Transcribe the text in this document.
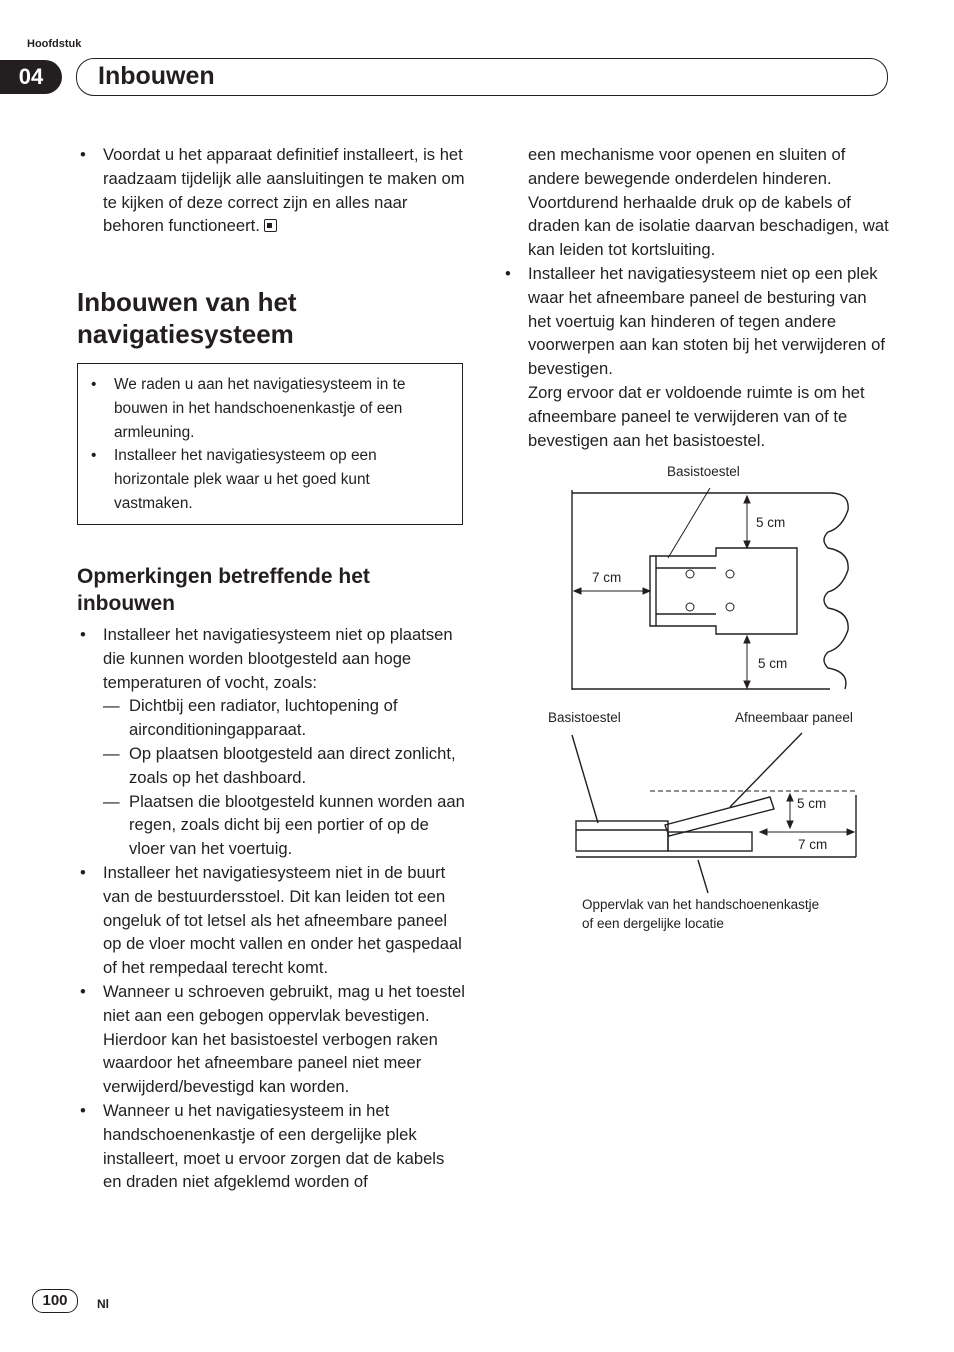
Hoofdstuk
04	Inbouwen
• Voordat u het apparaat definitief installeert, is het raadzaam tijdelijk alle aansluitingen te maken om te kijken of deze correct zijn en alles naar behoren functioneert.
Inbouwen van het navigatiesysteem
• We raden u aan het navigatiesysteem in te bouwen in het handschoenenkastje of een armleuning.
• Installeer het navigatiesysteem op een horizontale plek waar u het goed kunt vastmaken.
Opmerkingen betreffende het inbouwen
• Installeer het navigatiesysteem niet op plaatsen die kunnen worden blootgesteld aan hoge temperaturen of vocht, zoals:
— Dichtbij een radiator, luchtopening of airconditioningapparaat.
— Op plaatsen blootgesteld aan direct zonlicht, zoals op het dashboard.
— Plaatsen die blootgesteld kunnen worden aan regen, zoals dicht bij een portier of op de vloer van het voertuig.
• Installeer het navigatiesysteem niet in de buurt van de bestuurdersstoel. Dit kan leiden tot een ongeluk of tot letsel als het afneembare paneel op de vloer mocht vallen en onder het gaspedaal of het rempedaal terecht komt.
• Wanneer u schroeven gebruikt, mag u het toestel niet aan een gebogen oppervlak bevestigen. Hierdoor kan het basistoestel verbogen raken waardoor het afneembare paneel niet meer verwijderd/bevestigd kan worden.
• Wanneer u het navigatiesysteem in het handschoenenkastje of een dergelijke plek installeert, moet u ervoor zorgen dat de kabels en draden niet afgeklemd worden of
een mechanisme voor openen en sluiten of andere bewegende onderdelen hinderen. Voortdurend herhaalde druk op de kabels of draden kan de isolatie daarvan beschadigen, wat kan leiden tot kortsluiting.
• Installeer het navigatiesysteem niet op een plek waar het afneembare paneel de besturing van het voertuig kan hinderen of tegen andere voorwerpen aan kan stoten bij het verwijderen of bevestigen.
Zorg ervoor dat er voldoende ruimte is om het afneembare paneel te verwijderen van of te bevestigen aan het basistoestel.
Basistoestel
5 cm
7 cm
5 cm
Basistoestel	Afneembaar paneel
5 cm
7 cm
Oppervlak van het handschoenenkastje
of een dergelijke locatie
100	Nl
